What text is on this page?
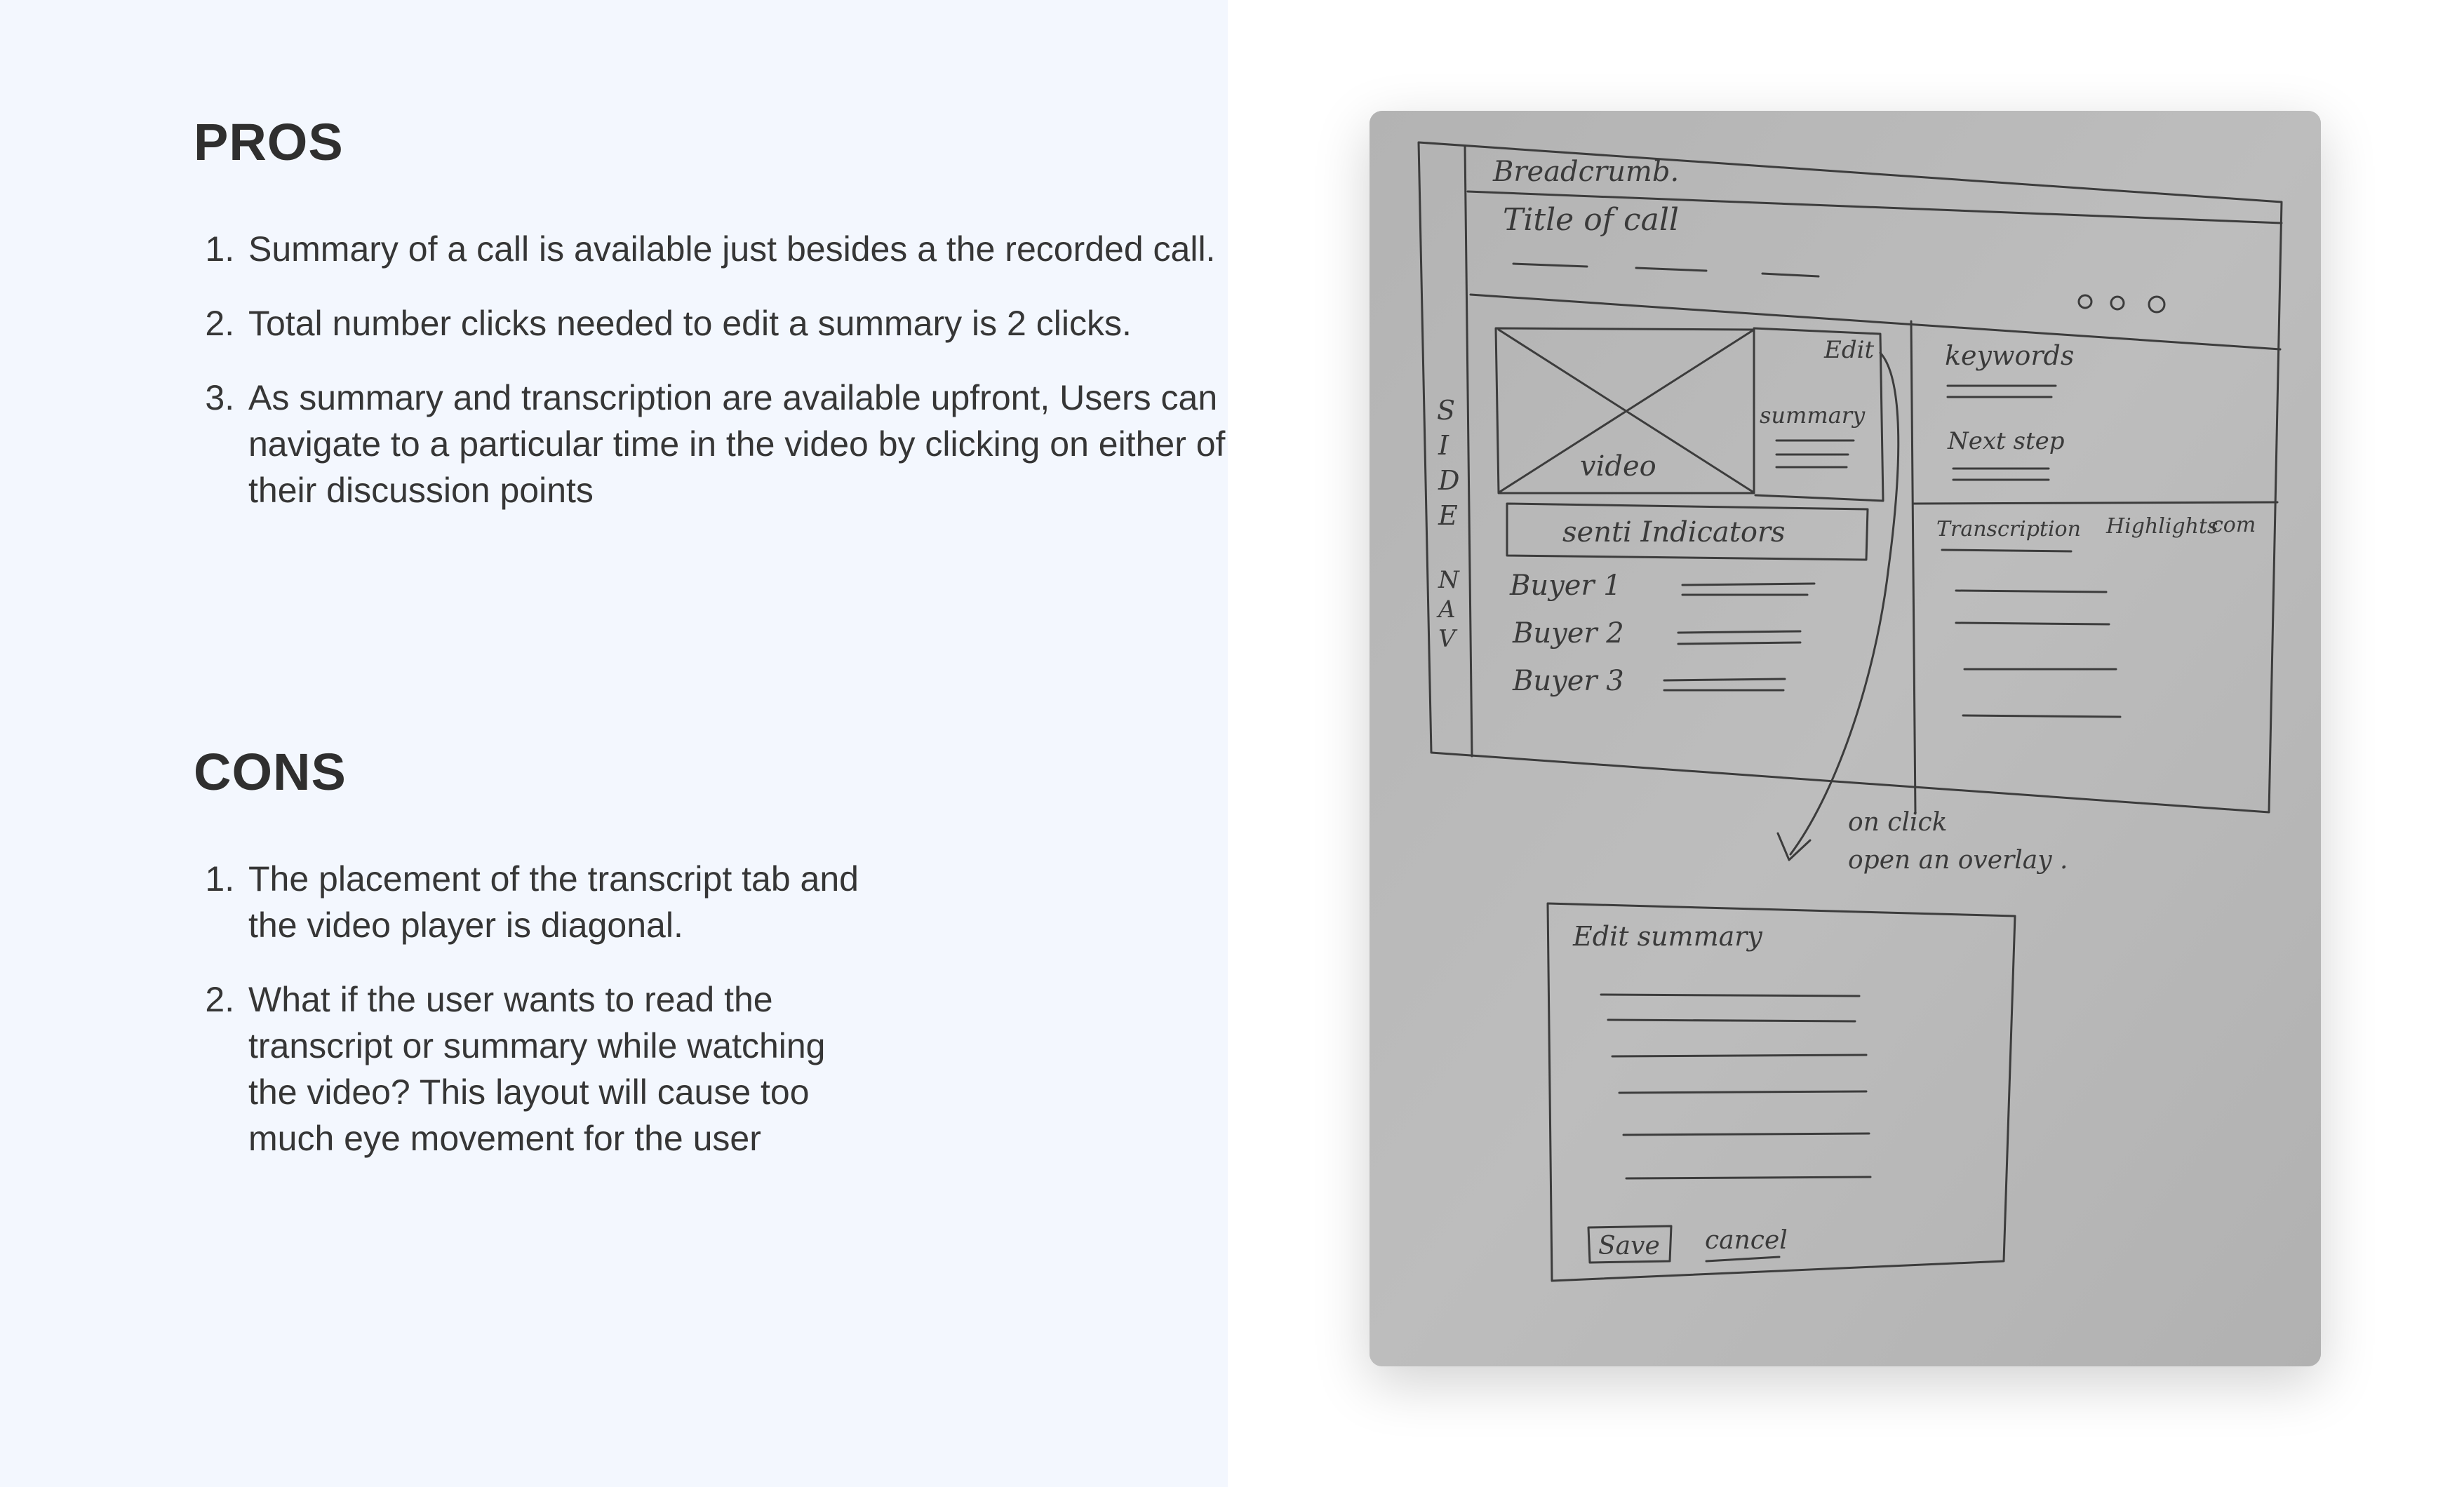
PROS
1. Summary of a call is available just besides a the recorded call.
2. Total number clicks needed to edit a summary is 2 clicks.
3. As summary and transcription are available upfront, Users can navigate to a particular time in the video by clicking on either of their discussion points
CONS
1. The placement of the transcript tab and the video player is diagonal.
2. What if the user wants to read the transcript or summary while watching the video? This layout will cause too much eye movement for the user
Breadcrumb.
Title of call
S
I
D
E
N
A
V
video
Edit
summary
keywords
Next step
senti Indicators
Buyer 1
Buyer 2
Buyer 3
Transcription Highlights
com
on click
open an overlay .
Edit summary
Save cancel
